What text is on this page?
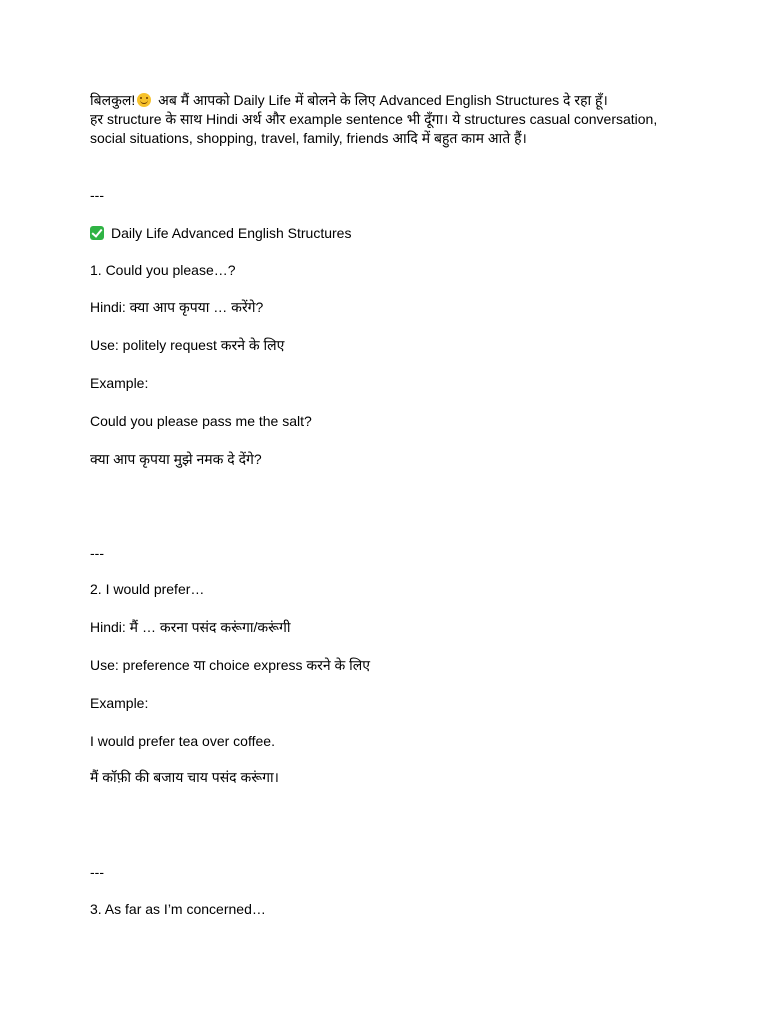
बिलकुल! अब मैं आपको Daily Life में बोलने के लिए Advanced English Structures दे रहा हूँ।
हर structure के साथ Hindi अर्थ और example sentence भी दूँगा। ये structures casual conversation,
social situations, shopping, travel, family, friends आदि में बहुत काम आते हैं।
---
Daily Life Advanced English Structures
1. Could you please…?
Hindi: क्या आप कृपया … करेंगे?
Use: politely request करने के लिए
Example:
Could you please pass me the salt?
क्या आप कृपया मुझे नमक दे देंगे?
---
2. I would prefer…
Hindi: मैं … करना पसंद करूंगा/करूंगी
Use: preference या choice express करने के लिए
Example:
I would prefer tea over coffee.
मैं कॉफ़ी की बजाय चाय पसंद करूंगा।
---
3. As far as I’m concerned…
